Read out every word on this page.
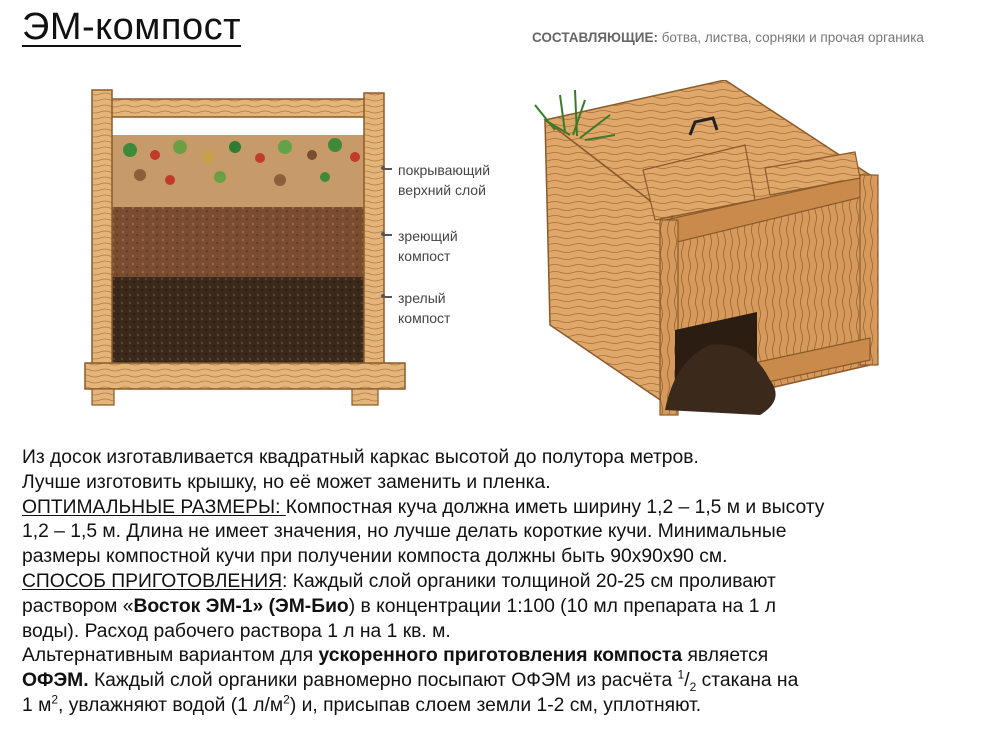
ЭМ-компост	СОСТАВЛЯЮЩИЕ: ботва, листва, сорняки и прочая органика
покрывающий
верхний слой
зреющий
компост
зрелый
компост

Из досок изготавливается квадратный каркас высотой до полутора метров.

Лучше изготовить крышку, но её может заменить и пленка.

ОПТИМАЛЬНЫЕ РАЗМЕРЫ: Компостная куча должна иметь ширину 1,2 – 1,5 м и высоту

1,2 – 1,5 м. Длина не имеет значения, но лучше делать короткие кучи. Минимальные

размеры компостной кучи при получении компоста должны быть 90х90х90 см.

СПОСОБ ПРИГОТОВЛЕНИЯ: Каждый слой органики толщиной 20-25 см проливают

раствором «Восток ЭМ-1» (ЭМ-Био) в концентрации 1:100 (10 мл препарата на 1 л

воды). Расход рабочего раствора 1 л на 1 кв. м.

Альтернативным вариантом для ускоренного приготовления компоста является

ОФЭМ. Каждый слой органики равномерно посыпают ОФЭМ из расчёта $^1/_2$ стакана на

1 $м^2$, увлажняют водой (1 $л/м^2$) и, присыпав слоем земли 1-2 см, уплотняют.
